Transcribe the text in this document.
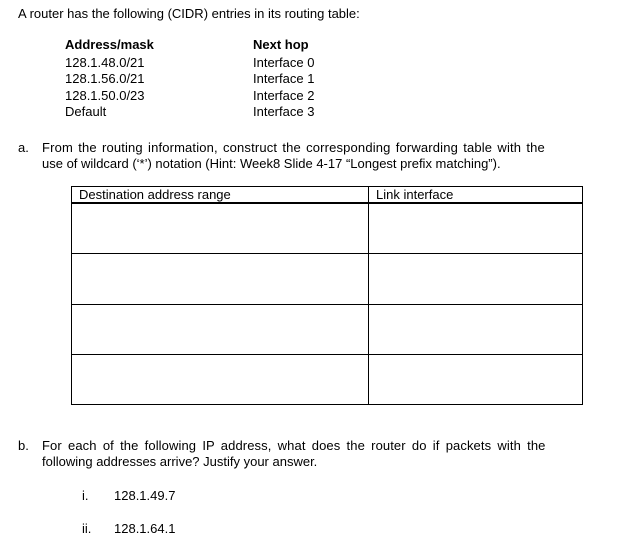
A router has the following (CIDR) entries in its routing table:
Address/mask	Next hop
128.1.48.0/21	Interface 0
128.1.56.0/21	Interface 1
128.1.50.0/23	Interface 2
Default	Interface 3
a. From the routing information, construct the corresponding forwarding table with the
use of wildcard (‘*’) notation (Hint: Week8 Slide 4-17 “Longest prefix matching”).
Destination address range	Link interface

b. For each of the following IP address, what does the router do if packets with the
following addresses arrive? Justify your answer.
i. 128.1.49.7
ii. 128.1.64.1
